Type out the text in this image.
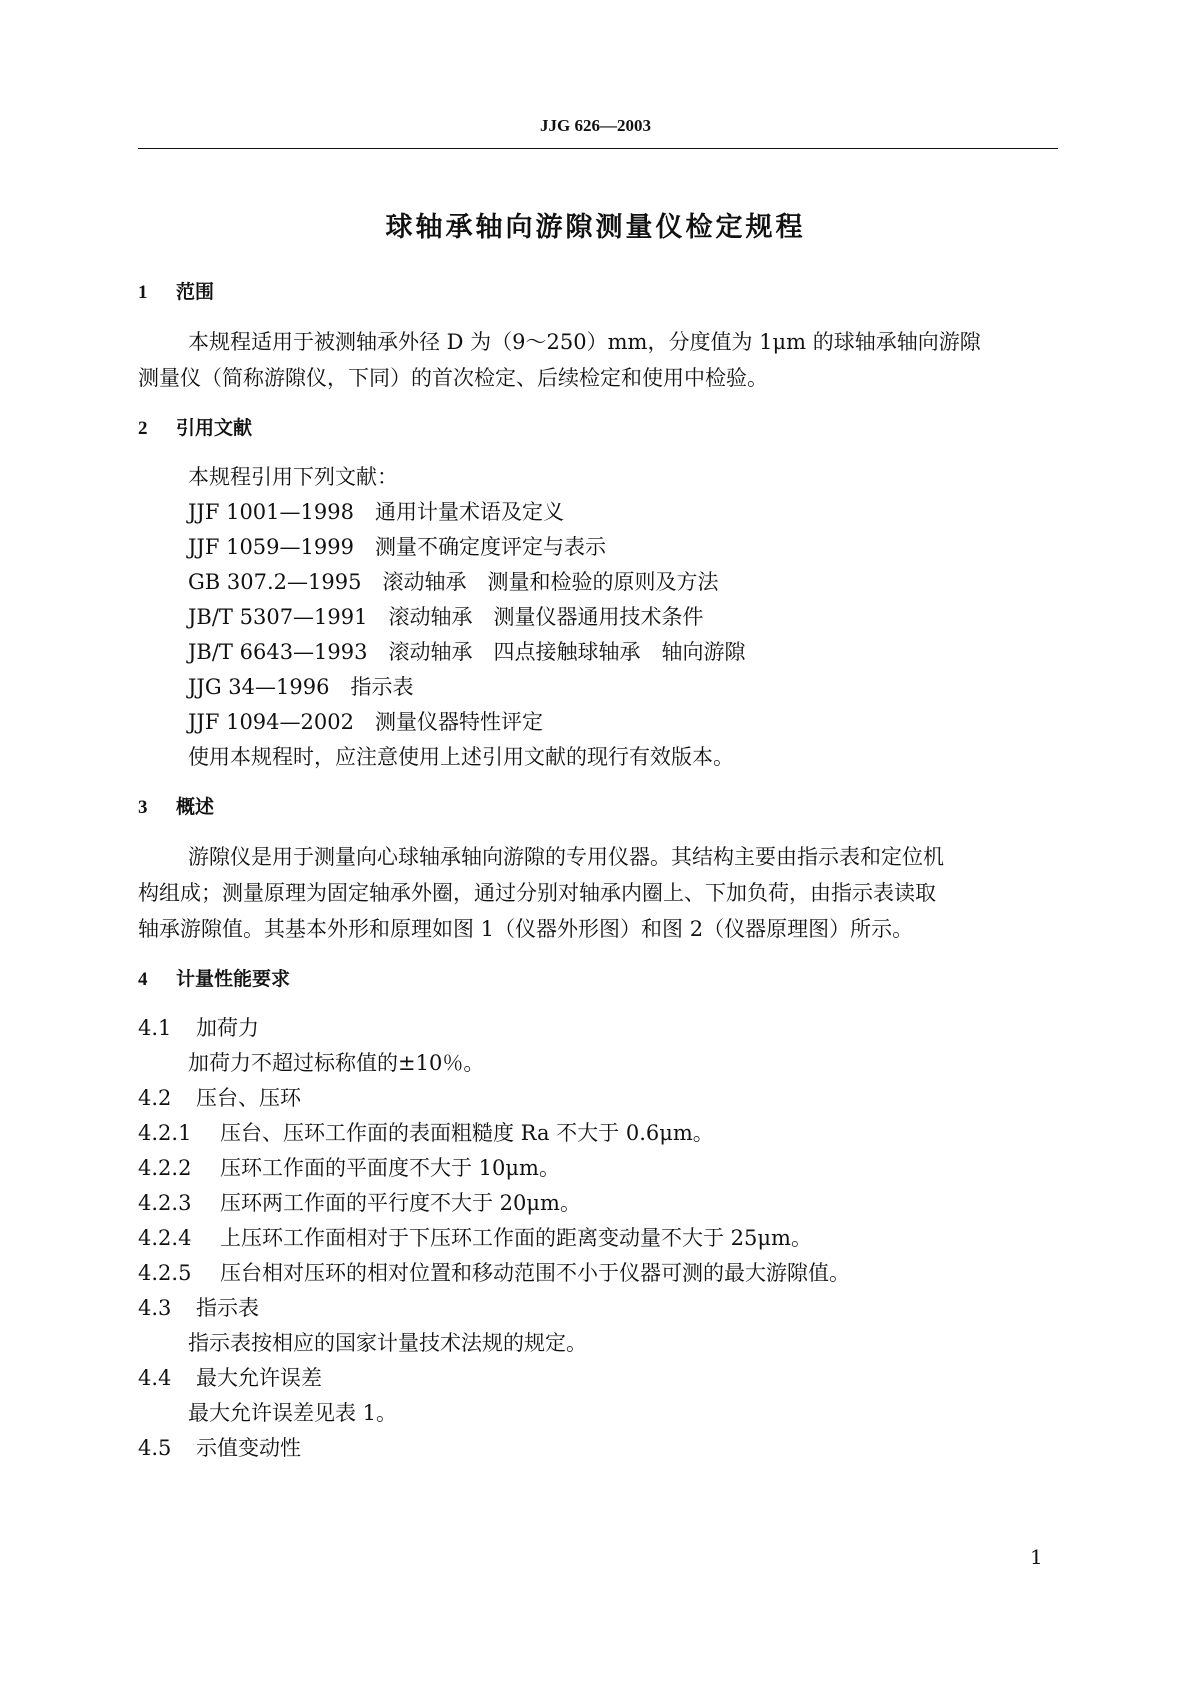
JJG 626—2003
球轴承轴向游隙测量仪检定规程
1 范围
本规程适用于被测轴承外径 D 为（9～250）mm，分度值为 1μm 的球轴承轴向游隙
测量仪（简称游隙仪，下同）的首次检定、后续检定和使用中检验。
2 引用文献
本规程引用下列文献：
JJF 1001—1998　通用计量术语及定义
JJF 1059—1999　测量不确定度评定与表示
GB 307.2—1995　滚动轴承　测量和检验的原则及方法
JB/T 5307—1991　滚动轴承　测量仪器通用技术条件
JB/T 6643—1993　滚动轴承　四点接触球轴承　轴向游隙
JJG 34—1996　指示表
JJF 1094—2002　测量仪器特性评定
使用本规程时，应注意使用上述引用文献的现行有效版本。
3 概述
游隙仪是用于测量向心球轴承轴向游隙的专用仪器。其结构主要由指示表和定位机
构组成；测量原理为固定轴承外圈，通过分别对轴承内圈上、下加负荷，由指示表读取
轴承游隙值。其基本外形和原理如图 1（仪器外形图）和图 2（仪器原理图）所示。
4 计量性能要求
4.1 加荷力
加荷力不超过标称值的±10％。
4.2 压台、压环
4.2.1 压台、压环工作面的表面粗糙度 Ra 不大于 0.6μm。
4.2.2 压环工作面的平面度不大于 10μm。
4.2.3 压环两工作面的平行度不大于 20μm。
4.2.4 上压环工作面相对于下压环工作面的距离变动量不大于 25μm。
4.2.5 压台相对压环的相对位置和移动范围不小于仪器可测的最大游隙值。
4.3 指示表
指示表按相应的国家计量技术法规的规定。
4.4 最大允许误差
最大允许误差见表 1。
4.5 示值变动性
1
